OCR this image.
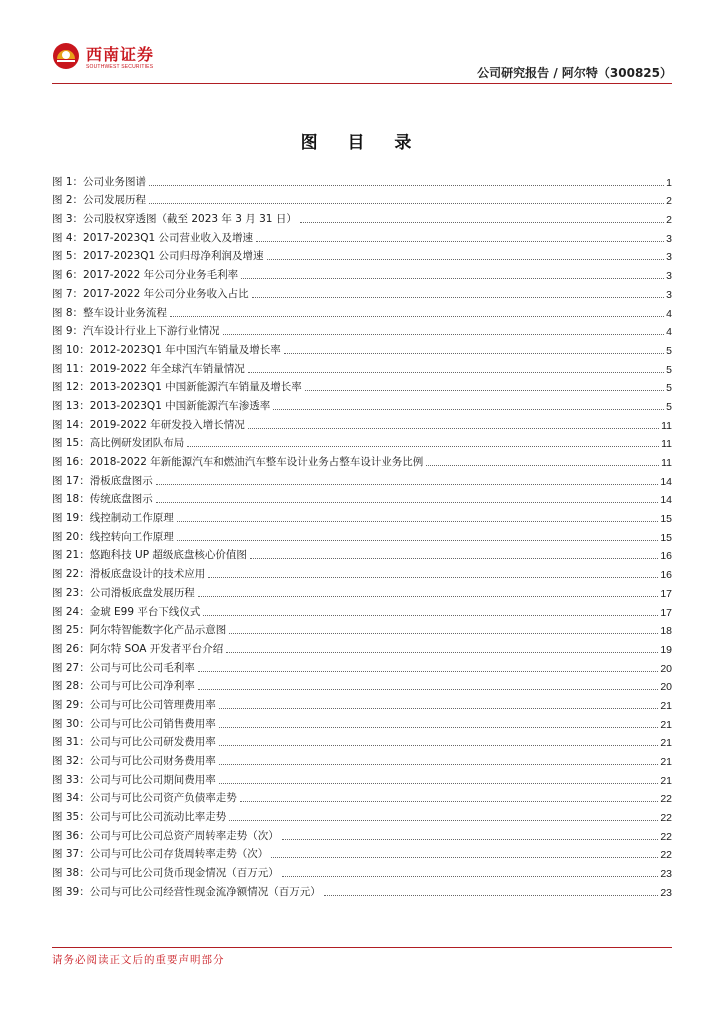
西南证券
SOUTHWEST SECURITIES	公司研究报告 / 阿尔特（300825）
图 目 录
图 1： 公司业务图谱	1
图 2： 公司发展历程	2
图 3： 公司股权穿透图（截至 2023 年 3 月 31 日）	2
图 4： 2017-2023Q1 公司营业收入及增速	3
图 5： 2017-2023Q1 公司归母净利润及增速	3
图 6： 2017-2022 年公司分业务毛利率	3
图 7： 2017-2022 年公司分业务收入占比	3
图 8： 整车设计业务流程	4
图 9： 汽车设计行业上下游行业情况	4
图 10： 2012-2023Q1 年中国汽车销量及增长率	5
图 11： 2019-2022 年全球汽车销量情况	5
图 12： 2013-2023Q1 中国新能源汽车销量及增长率	5
图 13： 2013-2023Q1 中国新能源汽车渗透率	5
图 14： 2019-2022 年研发投入增长情况	11
图 15： 高比例研发团队布局	11
图 16： 2018-2022 年新能源汽车和燃油汽车整车设计业务占整车设计业务比例	11
图 17： 滑板底盘图示	14
图 18： 传统底盘图示	14
图 19： 线控制动工作原理	15
图 20： 线控转向工作原理	15
图 21： 悠跑科技 UP 超级底盘核心价值图	16
图 22： 滑板底盘设计的技术应用	16
图 23： 公司滑板底盘发展历程	17
图 24： 金琥 E99 平台下线仪式	17
图 25： 阿尔特智能数字化产品示意图	18
图 26： 阿尔特 SOA 开发者平台介绍	19
图 27： 公司与可比公司毛利率	20
图 28： 公司与可比公司净利率	20
图 29： 公司与可比公司管理费用率	21
图 30： 公司与可比公司销售费用率	21
图 31： 公司与可比公司研发费用率	21
图 32： 公司与可比公司财务费用率	21
图 33： 公司与可比公司期间费用率	21
图 34： 公司与可比公司资产负债率走势	22
图 35： 公司与可比公司流动比率走势	22
图 36： 公司与可比公司总资产周转率走势（次）	22
图 37： 公司与可比公司存货周转率走势（次）	22
图 38： 公司与可比公司货币现金情况（百万元）	23
图 39： 公司与可比公司经营性现金流净额情况（百万元）	23
请务必阅读正文后的重要声明部分
